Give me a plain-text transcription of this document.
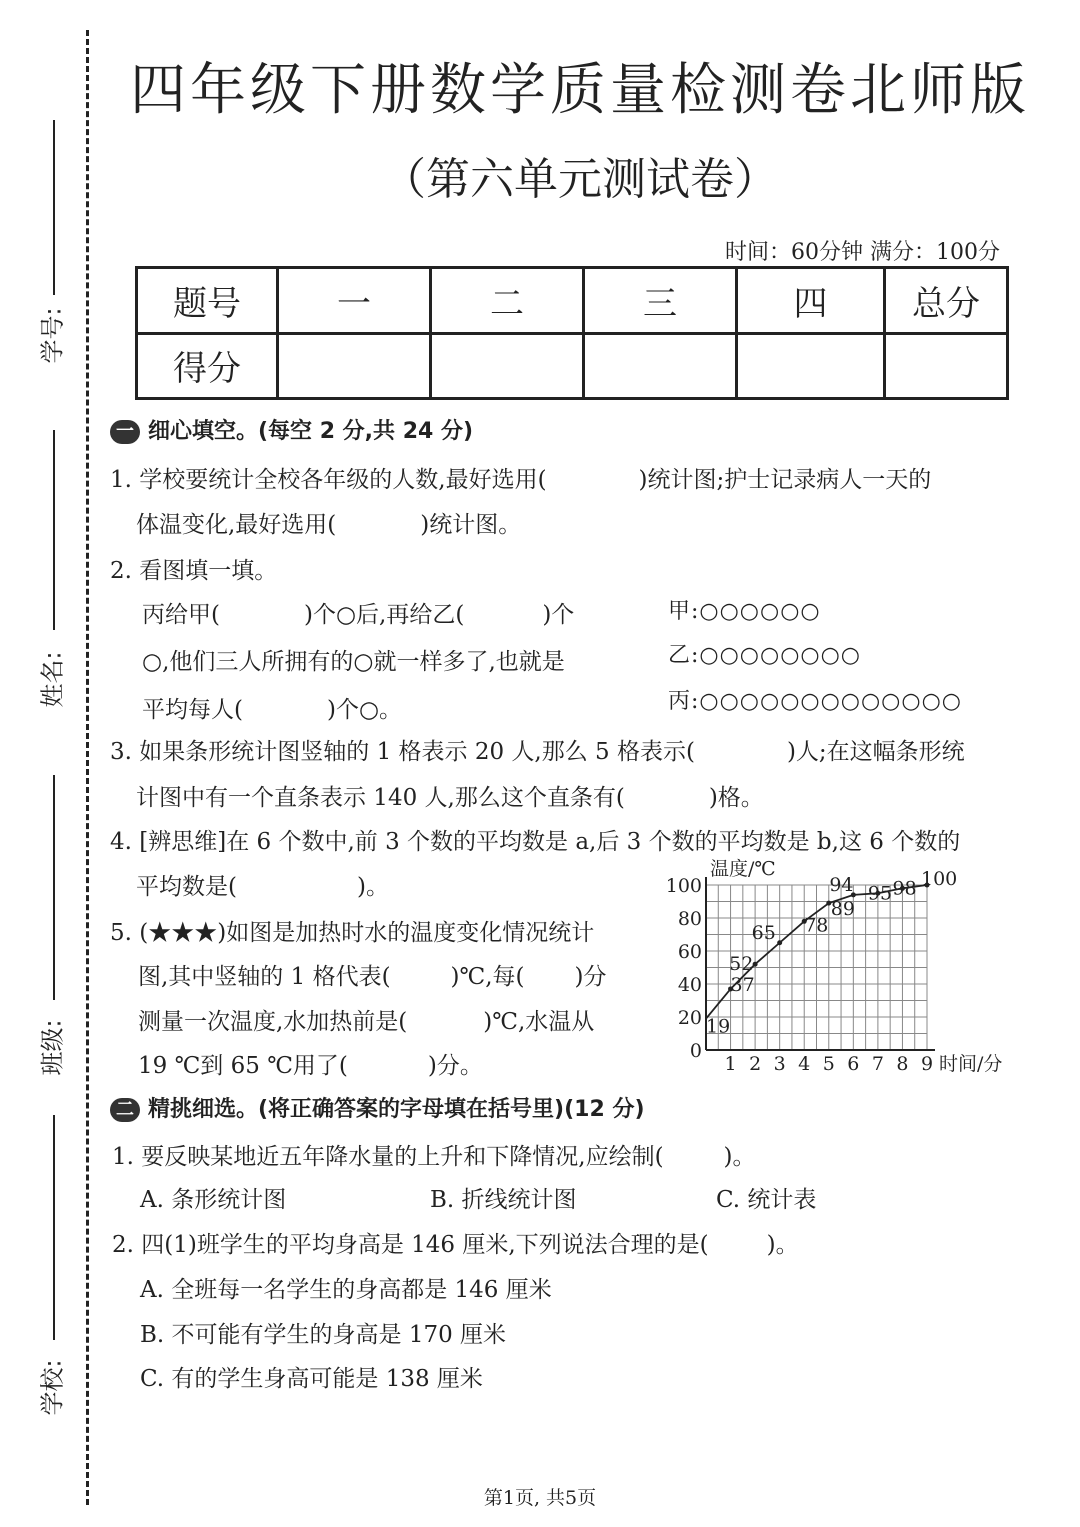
学号:
姓名:
班级:
学校:
四年级下册数学质量检测卷北师版
（第六单元测试卷）
时间：60分钟 满分：100分
题号	一	二	三	四	总分
得分					
一 细心填空。(每空 2 分,共 24 分)
1. 学校要统计全校各年级的人数,最好选用(	)统计图;护士记录病人一天的
体温变化,最好选用(	)统计图。
2. 看图填一填。
丙给甲(	)个○后,再给乙(	)个
○,他们三人所拥有的○就一样多了,也就是
平均每人(	)个○。
甲:○○○○○○
乙:○○○○○○○○
丙:○○○○○○○○○○○○○
3. 如果条形统计图竖轴的 1 格表示 20 人,那么 5 格表示(	)人;在这幅条形统
计图中有一个直条表示 140 人,那么这个直条有(	)格。
4. [辨思维]在 6 个数中,前 3 个数的平均数是 a,后 3 个数的平均数是 b,这 6 个数的
平均数是(	)。
5. (★★★)如图是加热时水的温度变化情况统计
图,其中竖轴的 1 格代表(	)℃,每( )分
测量一次温度,水加热前是(	)℃,水温从
19 ℃到 65 ℃用了(	)分。
0
20
40
60
80
100
1 2 3 4 5 6 7 8 9
温度/℃
时间/分
19
37
52
65 78
89
94 95 98 100
二 精挑细选。(将正确答案的字母填在括号里)(12 分)
1. 要反映某地近五年降水量的上升和下降情况,应绘制(	)。
A. 条形统计图	B. 折线统计图	C. 统计表
2. 四(1)班学生的平均身高是 146 厘米,下列说法合理的是(	)。
A. 全班每一名学生的身高都是 146 厘米
B. 不可能有学生的身高是 170 厘米
C. 有的学生身高可能是 138 厘米
第1页, 共5页
